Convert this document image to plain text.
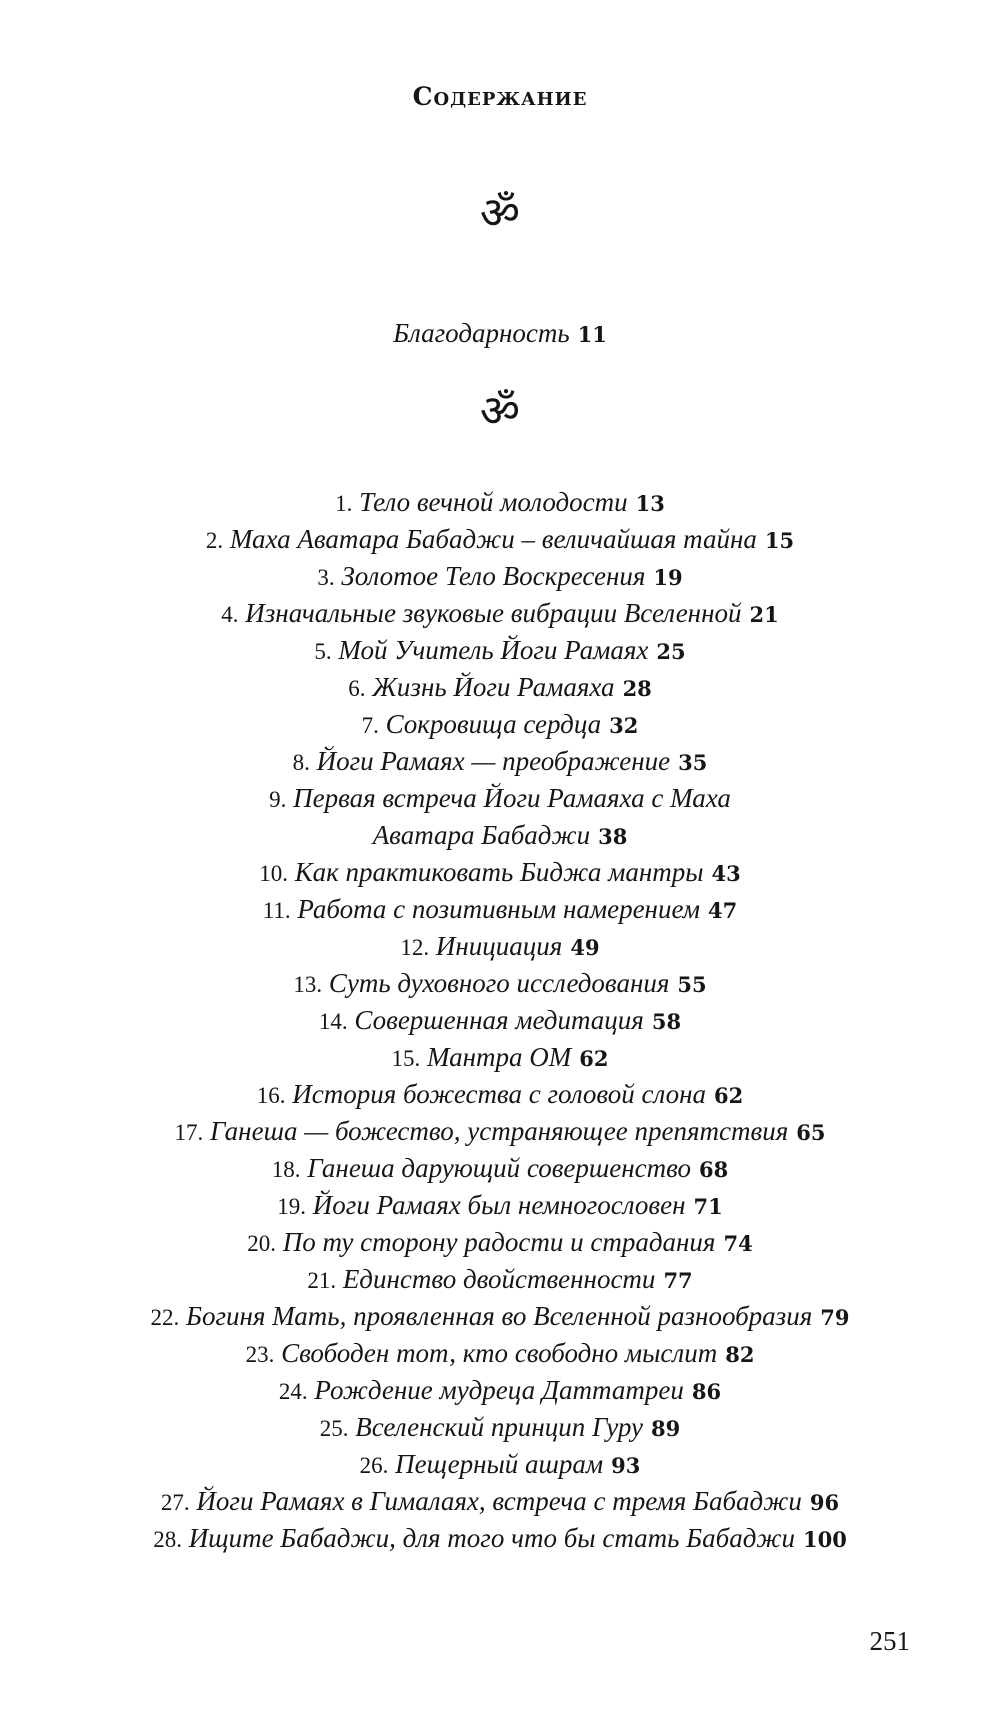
Содержание
ॐ
Благодарность 11
ॐ
1. Тело вечной молодости 13
2. Маха Аватара Бабаджи – величайшая тайна 15
3. Золотое Тело Воскресения 19
4. Изначальные звуковые вибрации Вселенной 21
5. Мой Учитель Йоги Рамаях 25
6. Жизнь Йоги Рамаяха 28
7. Сокровища сердца 32
8. Йоги Рамаях — преображение 35
9. Первая встреча Йоги Рамаяха с Маха
Аватара Бабаджи 38
10. Как практиковать Биджа мантры 43
11. Работа с позитивным намерением 47
12. Инициация 49
13. Суть духовного исследования 55
14. Совершенная медитация 58
15. Мантра ОМ 62
16. История божества с головой слона 62
17. Ганеша — божество, устраняющее препятствия 65
18. Ганеша дарующий совершенство 68
19. Йоги Рамаях был немногословен 71
20. По ту сторону радости и страдания 74
21. Единство двойственности 77
22. Богиня Мать, проявленная во Вселенной разнообразия 79
23. Свободен тот, кто свободно мыслит 82
24. Рождение мудреца Даттатреи 86
25. Вселенский принцип Гуру 89
26. Пещерный ашрам 93
27. Йоги Рамаях в Гималаях, встреча с тремя Бабаджи 96
28. Ищите Бабаджи, для того что бы стать Бабаджи 100
251
